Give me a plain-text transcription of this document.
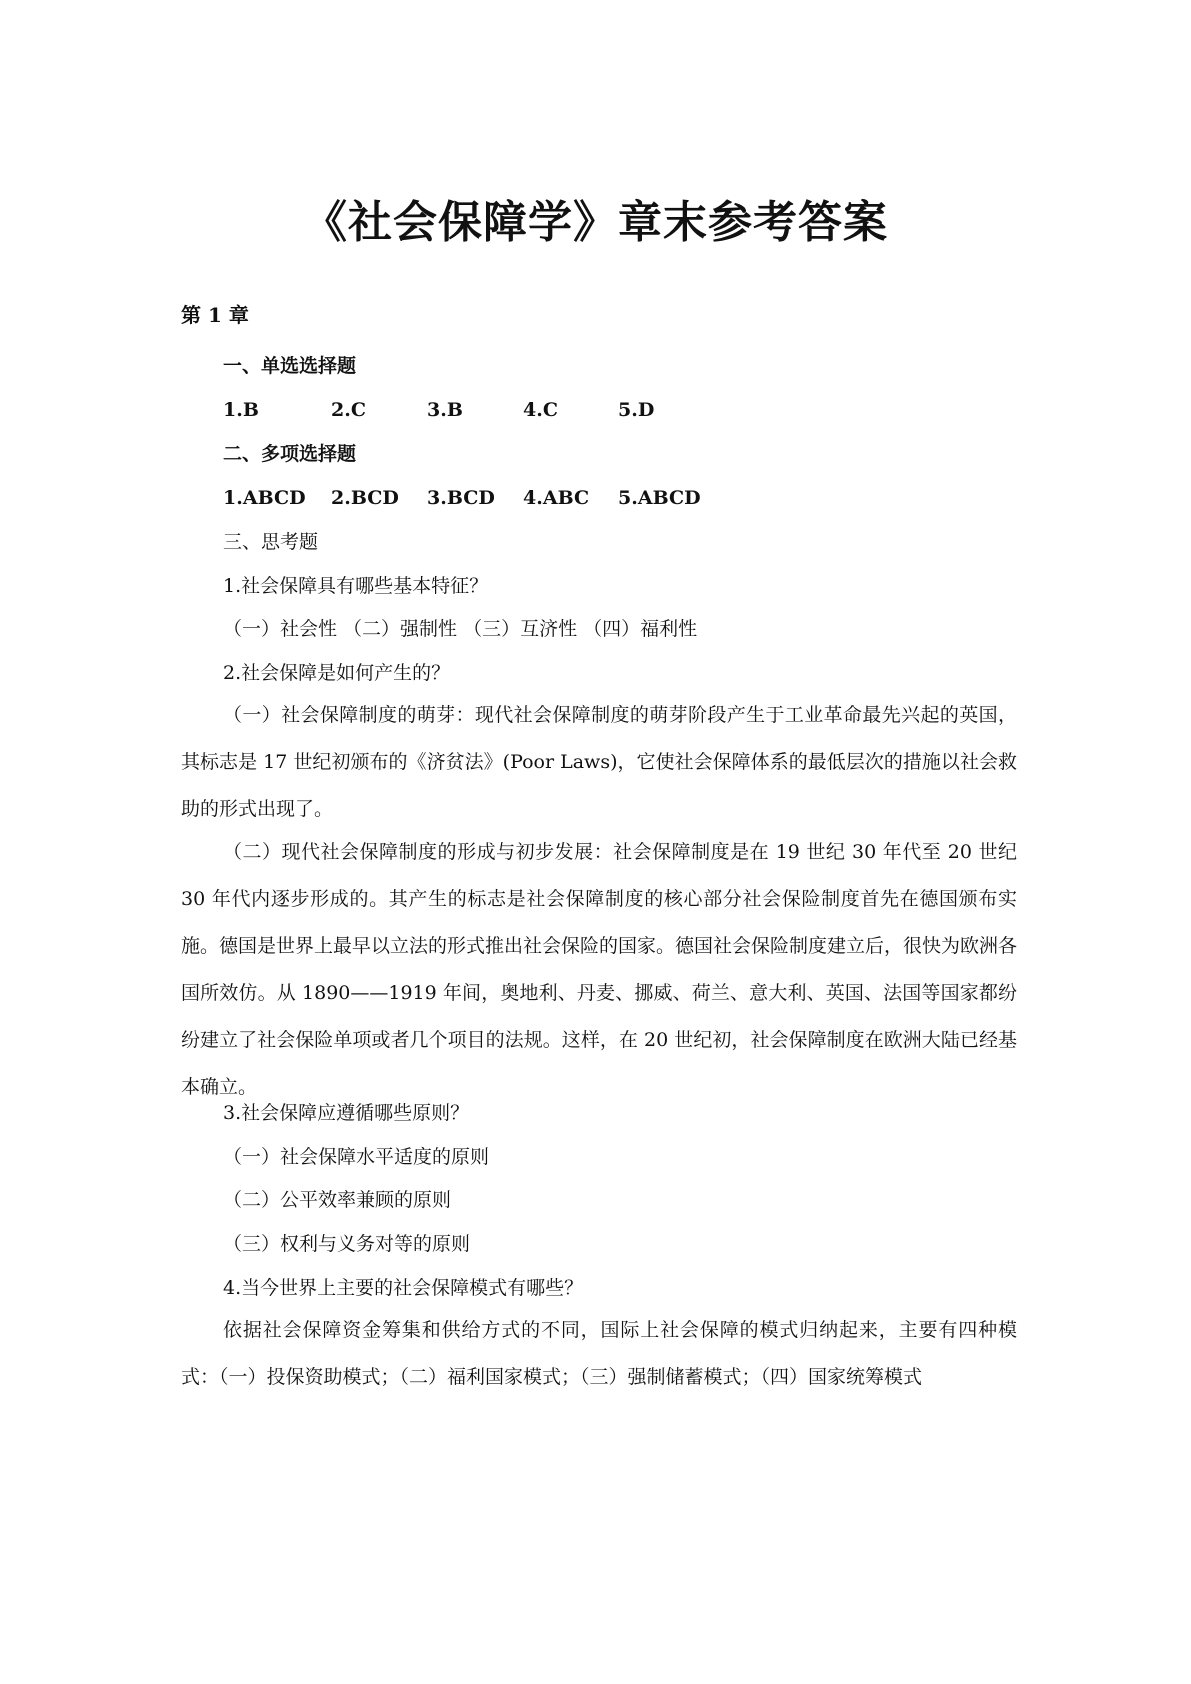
《社会保障学》章末参考答案
第 1 章
一、单选选择题
1.B	2.C	3.B	4.C	5.D
二、多项选择题
1.ABCD 2.BCD 3.BCD 4.ABC 5.ABCD
三、思考题
1.社会保障具有哪些基本特征？
（一）社会性 （二）强制性 （三）互济性 （四）福利性
2.社会保障是如何产生的？
（一）社会保障制度的萌芽：现代社会保障制度的萌芽阶段产生于工业革命最先兴起的英国，其标志是 17 世纪初颁布的《济贫法》(Poor Laws)，它使社会保障体系的最低层次的措施以社会救助的形式出现了。
（二）现代社会保障制度的形成与初步发展：社会保障制度是在 19 世纪 30 年代至 20 世纪 30 年代内逐步形成的。其产生的标志是社会保障制度的核心部分社会保险制度首先在德国颁布实施。德国是世界上最早以立法的形式推出社会保险的国家。德国社会保险制度建立后，很快为欧洲各国所效仿。从 1890——1919 年间，奥地利、丹麦、挪威、荷兰、意大利、英国、法国等国家都纷纷建立了社会保险单项或者几个项目的法规。这样，在 20 世纪初，社会保障制度在欧洲大陆已经基本确立。
3.社会保障应遵循哪些原则？
（一）社会保障水平适度的原则
（二）公平效率兼顾的原则
（三）权利与义务对等的原则
4.当今世界上主要的社会保障模式有哪些？
依据社会保障资金筹集和供给方式的不同，国际上社会保障的模式归纳起来，主要有四种模式：（一）投保资助模式；（二）福利国家模式；（三）强制储蓄模式；（四）国家统筹模式
